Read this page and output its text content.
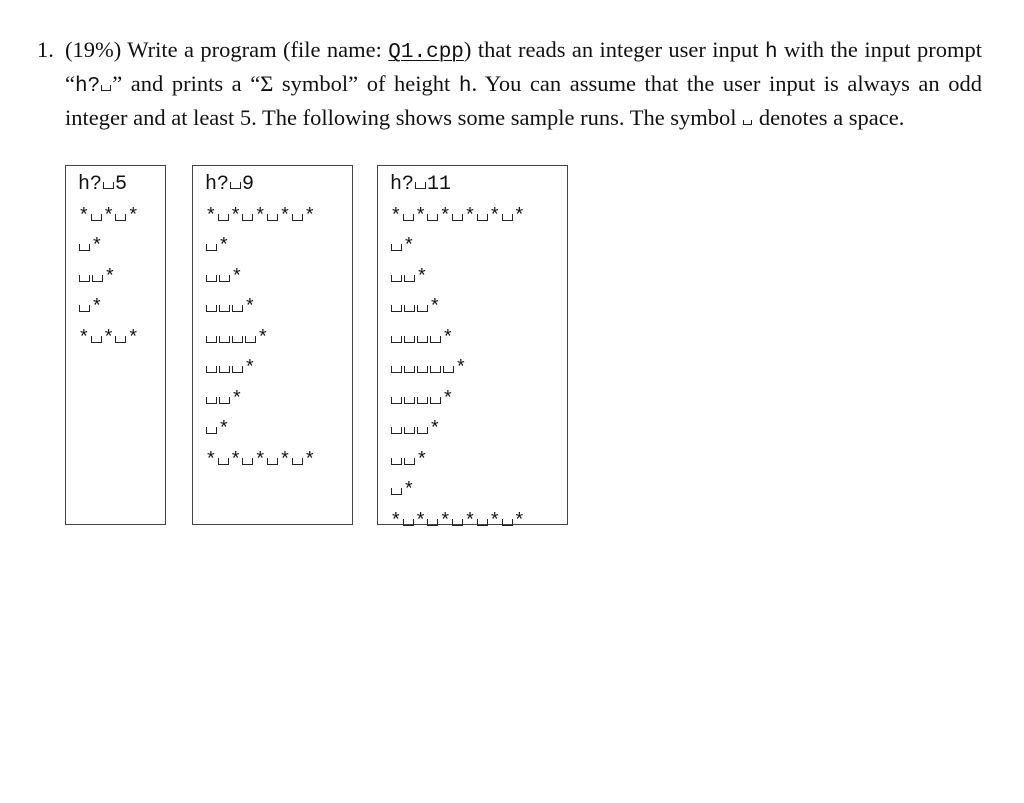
1. (19%) Write a program (file name: Q1.cpp) that reads an integer user input h with the input prompt “h? ” and prints a “Σ symbol” of height h. You can assume that the user input is always an odd integer and at least 5. The following shows some sample runs. The symbol  denotes a space.
h? 5
* * *
*
*
*
* * *
h? 9
* * * * *
*
*
*
*
*
*
*
* * * * *
h? 11
* * * * * *
*
*
*
*
*
*
*
*
*
* * * * * *
